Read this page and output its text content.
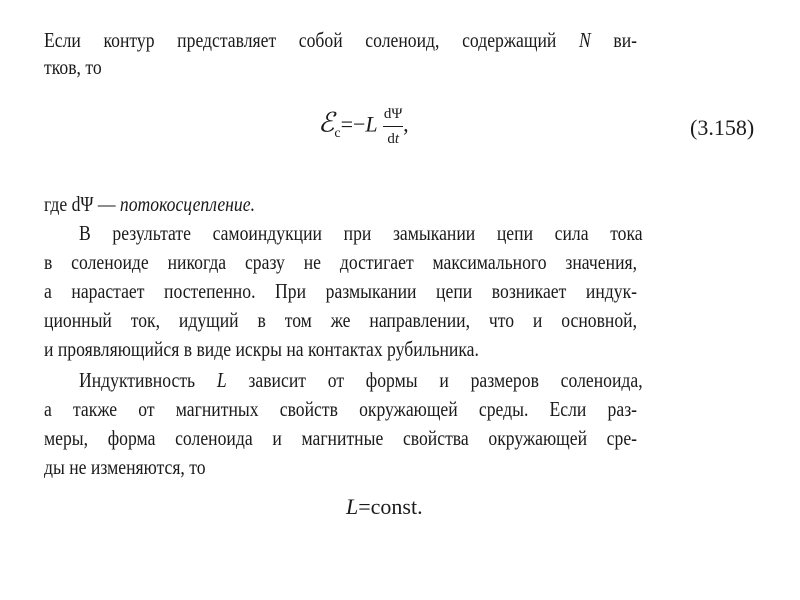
Если контур представляет собой соленоид, содержащий N ви-
тков, то
ℰ$_c$=−L $\frac{d\Psi}{dt}$ ,	(3.158)
где dΨ — потокосцепление.
В результате самоиндукции при замыкании цепи сила тока
в соленоиде никогда сразу не достигает максимального значения,
а нарастает постепенно. При размыкании цепи возникает индук-
ционный ток, идущий в том же направлении, что и основной,
и проявляющийся в виде искры на контактах рубильника.
Индуктивность L зависит от формы и размеров соленоида,
а также от магнитных свойств окружающей среды. Если раз-
меры, форма соленоида и магнитные свойства окружающей сре-
ды не изменяются, то
L=const.
